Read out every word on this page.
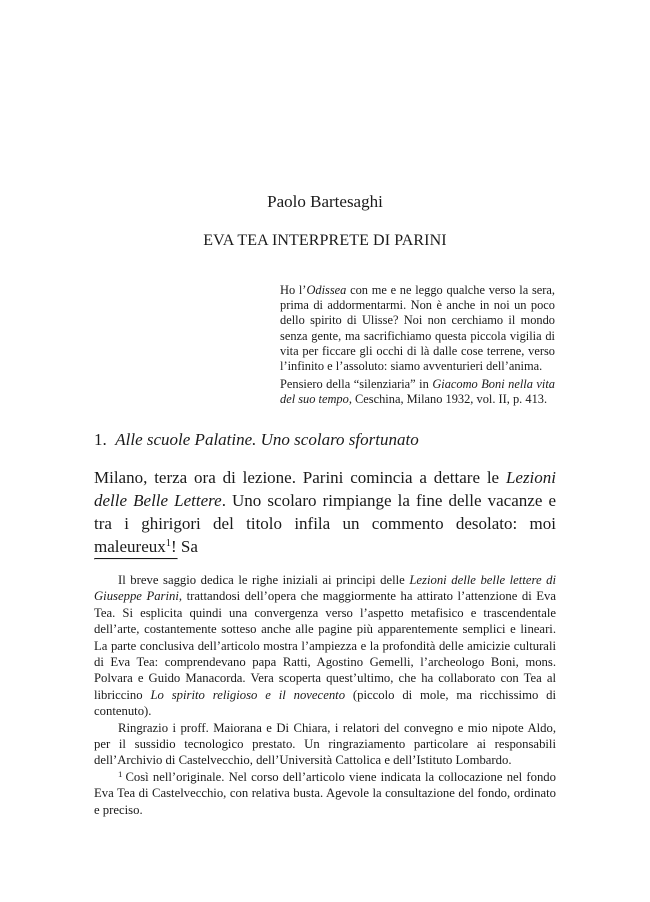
Paolo Bartesaghi

EVA TEA INTERPRETE DI PARINI

Ho l’Odissea con me e ne leggo qualche verso la sera, prima di addormentarmi. Non è anche in noi un poco dello spirito di Ulisse? Noi non cerchiamo il mondo senza gente, ma sacrifichiamo questa piccola vigilia di vita per ficcare gli occhi di là dalle cose terrene, verso l’infinito e l’assoluto: siamo avventurieri dell’anima.

Pensiero della “silenziaria” in Giacomo Boni nella vita del suo tempo, Ceschina, Milano 1932, vol. II, p. 413.

1. Alle scuole Palatine. Uno scolaro sfortunato

Milano, terza ora di lezione. Parini comincia a dettare le Lezioni delle Belle Lettere. Uno scolaro rimpiange la fine delle vacanze e tra i ghirigori del titolo infila un commento desolato: moi maleureux$^1$! Sa

Il breve saggio dedica le righe iniziali ai principi delle Lezioni delle belle lettere di Giuseppe Parini, trattandosi dell’opera che maggiormente ha attirato l’attenzione di Eva Tea. Si esplicita quindi una convergenza verso l’aspetto metafisico e trascendentale dell’arte, costantemente sotteso anche alle pagine più apparentemente semplici e lineari. La parte conclusiva dell’articolo mostra l’ampiezza e la profondità delle amicizie culturali di Eva Tea: comprendevano papa Ratti, Agostino Gemelli, l’archeologo Boni, mons. Polvara e Guido Manacorda. Vera scoperta quest’ultimo, che ha collaborato con Tea al libriccino Lo spirito religioso e il novecento (piccolo di mole, ma ricchissimo di contenuto).

Ringrazio i proff. Maiorana e Di Chiara, i relatori del convegno e mio nipote Aldo, per il sussidio tecnologico prestato. Un ringraziamento particolare ai responsabili dell’Archivio di Castelvecchio, dell’Università Cattolica e dell’Istituto Lombardo.

$^1$ Così nell’originale. Nel corso dell’articolo viene indicata la collocazione nel fondo Eva Tea di Castelvecchio, con relativa busta. Agevole la consultazione del fondo, ordinato e preciso.
